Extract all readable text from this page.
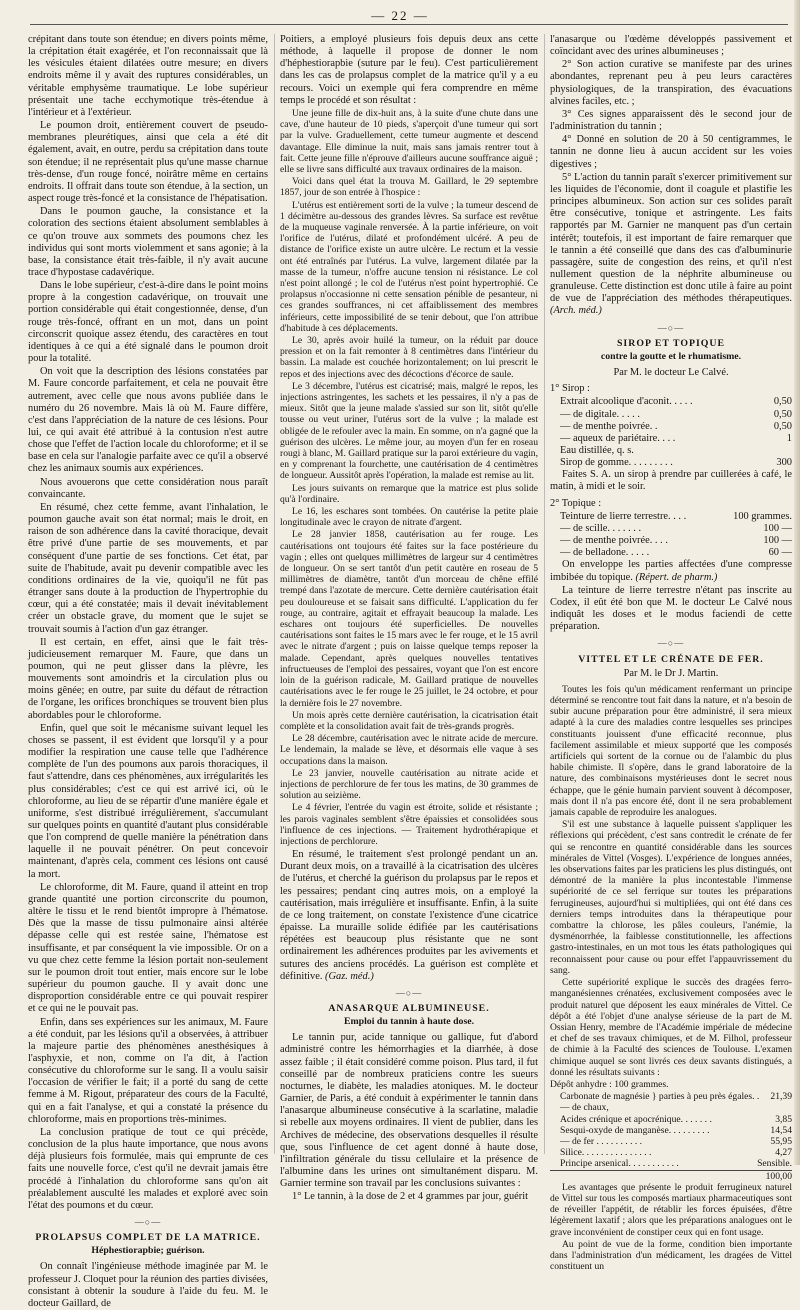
— 22 —

crépitant dans toute son étendue; en divers points même, la crépitation était exagérée, et l'on reconnaissait que là les vésicules étaient dilatées outre mesure; en divers endroits même il y avait des ruptures considérables, un véritable emphysème traumatique. Le lobe supérieur présentait une tache ecchymotique très-étendue à l'intérieur et à l'extérieur.

Le poumon droit, entièrement couvert de pseudo-membranes pleurétiques, ainsi que cela a été dit également, avait, en outre, perdu sa crépitation dans toute son étendue; il ne représentait plus qu'une masse charnue très-dense, d'un rouge foncé, noirâtre même en certains endroits. Il offrait dans toute son étendue, à la section, un aspect rouge très-foncé et la consistance de l'hépatisation.

Dans le poumon gauche, la consistance et la coloration des sections étaient absolument semblables à ce qu'on trouve aux sommets des poumons chez les individus qui sont morts violemment et sans agonie; à la base, la consistance était très-faible, il n'y avait aucune trace d'hypostase cadavérique.

Dans le lobe supérieur, c'est-à-dire dans le point moins propre à la congestion cadavérique, on trouvait une portion considérable qui était congestionnée, dense, d'un rouge très-foncé, offrant en un mot, dans un point circonscrit quoique assez étendu, des caractères en tout identiques à ce qui a été signalé dans le poumon droit pour la totalité.

On voit que la description des lésions constatées par M. Faure concorde parfaitement, et cela ne pouvait être autrement, avec celle que nous avons publiée dans le numéro du 26 novembre. Mais là où M. Faure diffère, c'est dans l'appréciation de la nature de ces lésions. Pour lui, ce qui avait été attribué à la contusion n'est autre chose que l'effet de l'action locale du chloroforme; et il se base en cela sur l'analogie parfaite avec ce qu'il a observé chez les animaux soumis aux expériences.

Nous avouerons que cette considération nous paraît convaincante.

En résumé, chez cette femme, avant l'inhalation, le poumon gauche avait son état normal; mais le droit, en raison de son adhérence dans la cavité thoracique, devait être privé d'une partie de ses mouvements, et par conséquent d'une partie de ses fonctions. Cet état, par suite de l'habitude, avait pu devenir compatible avec les conditions ordinaires de la vie, quoiqu'il ne fût pas étranger sans doute à la production de l'hypertrophie du cœur, qui a été constatée; mais il devait inévitablement créer un obstacle grave, du moment que le sujet se trouvait soumis à l'action d'un gaz étranger.

Il est certain, en effet, ainsi que le fait très-judicieusement remarquer M. Faure, que dans un poumon, qui ne peut glisser dans la plèvre, les mouvements sont amoindris et la circulation plus ou moins gênée; en outre, par suite du défaut de rétraction de l'organe, les orifices bronchiques se trouvent bien plus abordables pour le chloroforme.

Enfin, quel que soit le mécanisme suivant lequel les choses se passent, il est évident que lorsqu'il y a pour modifier la respiration une cause telle que l'adhérence complète de l'un des poumons aux parois thoraciques, il faut s'attendre, dans ces phénomènes, aux irrégularités les plus considérables; c'est ce qui est arrivé ici, où le chloroforme, au lieu de se répartir d'une manière égale et uniforme, s'est distribué irrégulièrement, s'accumulant sur quelques points en quantité d'autant plus considérable que l'on comprend de quelle manière la pénétration dans laquelle il ne pouvait pénétrer. On peut concevoir maintenant, d'après cela, comment ces lésions ont causé la mort.

Le chloroforme, dit M. Faure, quand il atteint en trop grande quantité une portion circonscrite du poumon, altère le tissu et le rend bientôt impropre à l'hématose. Dès que la masse de tissu pulmonaire ainsi altérée dépasse celle qui est restée saine, l'hématose est insuffisante, et par conséquent la vie impossible. Or on a vu que chez cette femme la lésion portait non-seulement sur le poumon droit tout entier, mais encore sur le lobe supérieur du poumon gauche. Il y avait donc une disproportion considérable entre ce qui pouvait respirer et ce qui ne le pouvait pas.

Enfin, dans ses expériences sur les animaux, M. Faure a été conduit, par les lésions qu'il a observées, à attribuer la majeure partie des phénomènes anesthésiques à l'asphyxie, et non, comme on l'a dit, à l'action consécutive du chloroforme sur le sang. Il a voulu saisir l'occasion de vérifier le fait; il a porté du sang de cette femme à M. Rigout, préparateur des cours de la Faculté, qui en a fait l'analyse, et qui a constaté la présence du chloroforme, mais en proportions très-minimes.

La conclusion pratique de tout ce qui précède, conclusion de la plus haute importance, que nous avons déjà plusieurs fois formulée, mais qui emprunte de ces faits une nouvelle force, c'est qu'il ne devrait jamais être procédé à l'inhalation du chloroforme sans qu'on ait préalablement ausculté les malades et exploré avec soin l'état des poumons et du cœur.

—○—

PROLAPSUS COMPLET DE LA MATRICE.

Héphestiorapbie; guérison.

On connaît l'ingénieuse méthode imaginée par M. le professeur J. Cloquet pour la réunion des parties divisées, consistant à obtenir la soudure à l'aide du feu. M. le docteur Gaillard, de

Poitiers, a employé plusieurs fois depuis deux ans cette méthode, à laquelle il propose de donner le nom d'héphestiorapbie (suture par le feu). C'est particulièrement dans les cas de prolapsus complet de la matrice qu'il y a eu recours. Voici un exemple qui fera comprendre en même temps le procédé et son résultat :

Une jeune fille de dix-huit ans, à la suite d'une chute dans une cave, d'une hauteur de 10 pieds, s'aperçoit d'une tumeur qui sort par la vulve. Graduellement, cette tumeur augmente et descend davantage. Elle diminue la nuit, mais sans jamais rentrer tout à fait. Cette jeune fille n'éprouve d'ailleurs aucune souffrance aiguë ; elle se livre sans difficulté aux travaux ordinaires de la maison.

Voici dans quel état la trouva M. Gaillard, le 29 septembre 1857, jour de son entrée à l'hospice :

L'utérus est entièrement sorti de la vulve ; la tumeur descend de 1 décimètre au-dessous des grandes lèvres. Sa surface est revêtue de la muqueuse vaginale renversée. À la partie inférieure, on voit l'orifice de l'utérus, dilaté et profondément ulcéré. A peu de distance de l'orifice existe un autre ulcère. Le rectum et la vessie ont été entraînés par l'utérus. La vulve, largement dilatée par la masse de la tumeur, n'offre aucune tension ni résistance. Le col n'est point allongé ; le col de l'utérus n'est point hypertrophié. Ce prolapsus n'occasionne ni cette sensation pénible de pesanteur, ni ces grandes souffrances, ni cet affaiblissement des membres inférieurs, cette impossibilité de se tenir debout, que l'on attribue d'habitude à ces déplacements.

Le 30, après avoir huilé la tumeur, on la réduit par douce pression et on la fait remonter à 8 centimètres dans l'intérieur du bassin. La malade est couchée horizontalement; on lui prescrit le repos et des injections avec des décoctions d'écorce de saule.

Le 3 décembre, l'utérus est cicatrisé; mais, malgré le repos, les injections astringentes, les sachets et les pessaires, il n'y a pas de mieux. Sitôt que la jeune malade s'assied sur son lit, sitôt qu'elle tousse ou veut uriner, l'utérus sort de la vulve ; la malade est obligée de le refouler avec la main. En somme, on n'a gagné que la guérison des ulcères. Le même jour, au moyen d'un fer en roseau rougi à blanc, M. Gaillard pratique sur la paroi extérieure du vagin, en y comprenant la fourchette, une cautérisation de 4 centimètres de longueur. Aussitôt après l'opération, la malade est remise au lit.

Les jours suivants on remarque que la matrice est plus solide qu'à l'ordinaire.

Le 16, les eschares sont tombées. On cautérise la petite plaie longitudinale avec le crayon de nitrate d'argent.

Le 28 janvier 1858, cautérisation au fer rouge. Les cautérisations ont toujours été faites sur la face postérieure du vagin ; elles ont quelques millimètres de largeur sur 4 centimètres de longueur. On se sert tantôt d'un petit cautère en roseau de 5 millimètres de diamètre, tantôt d'un morceau de chêne effilé trempé dans l'azotate de mercure. Cette dernière cautérisation était peu douloureuse et se faisait sans difficulté. L'application du fer rouge, au contraire, agitait et effrayait beaucoup la malade. Les eschares ont toujours été superficielles. De nouvelles cautérisations sont faites le 15 mars avec le fer rouge, et le 15 avril avec le nitrate d'argent ; puis on laisse quelque temps reposer la malade. Cependant, après quelques nouvelles tentatives infructueuses de l'emploi des pessaires, voyant que l'on est encore loin de la guérison radicale, M. Gaillard pratique de nouvelles cautérisations avec le fer rouge le 25 juillet, le 24 octobre, et pour la dernière fois le 27 novembre.

Un mois après cette dernière cautérisation, la cicatrisation était complète et la consolidation avait fait de très-grands progrès.

Le 28 décembre, cautérisation avec le nitrate acide de mercure. Le lendemain, la malade se lève, et désormais elle vaque à ses occupations dans la maison.

Le 23 janvier, nouvelle cautérisation au nitrate acide et injections de perchlorure de fer tous les matins, de 30 grammes de solution au seizième.

Le 4 février, l'entrée du vagin est étroite, solide et résistante ; les parois vaginales semblent s'être épaissies et consolidées sous l'influence de ces injections. — Traitement hydrothérapique et injections de perchlorure.

En résumé, le traitement s'est prolongé pendant un an. Durant deux mois, on a travaillé à la cicatrisation des ulcères de l'utérus, et cherché la guérison du prolapsus par le repos et les pessaires; pendant cinq autres mois, on a employé la cautérisation, mais irrégulière et insuffisante. Enfin, à la suite de ce long traitement, on constate l'existence d'une cicatrice épaisse. La muraille solide édifiée par les cautérisations répétées est beaucoup plus résistante que ne sont ordinairement les adhérences produites par les avivements et sutures des anciens procédés. La guérison est complète et définitive. (Gaz. méd.)

—○—

ANASARQUE ALBUMINEUSE.

Emploi du tannin à haute dose.

Le tannin pur, acide tannique ou gallique, fut d'abord administré contre les hémorrhagies et la diarrhée, à dose assez faible ; il était considéré comme poison. Plus tard, il fut conseillé par de nombreux praticiens contre les sueurs nocturnes, le diabète, les maladies atoniques. M. le docteur Garnier, de Paris, a été conduit à expérimenter le tannin dans l'anasarque albumineuse consécutive à la scarlatine, maladie si rebelle aux moyens ordinaires. Il vient de publier, dans les Archives de médecine, des observations desquelles il résulte que, sous l'influence de cet agent donné à haute dose, l'infiltration générale du tissu cellulaire et la présence de l'albumine dans les urines ont simultanément disparu. M. Garnier termine son travail par les conclusions suivantes :

1° Le tannin, à la dose de 2 et 4 grammes par jour, guérit

l'anasarque ou l'œdème développés passivement et coïncidant avec des urines albumineuses ;

2° Son action curative se manifeste par des urines abondantes, reprenant peu à peu leurs caractères physiologiques, de la transpiration, des évacuations alvines faciles, etc. ;

3° Ces signes apparaissent dès le second jour de l'administration du tannin ;

4° Donné en solution de 20 à 50 centigrammes, le tannin ne donne lieu à aucun accident sur les voies digestives ;

5° L'action du tannin paraît s'exercer primitivement sur les liquides de l'économie, dont il coagule et plastifie les principes albumineux. Son action sur ces solides paraît être consécutive, tonique et astringente. Les faits rapportés par M. Garnier ne manquent pas d'un certain intérêt; toutefois, il est important de faire remarquer que le tannin a été conseillé que dans des cas d'albuminurie passagère, suite de congestion des reins, et qu'il n'est nullement question de la néphrite albumineuse ou granuleuse. Cette distinction est donc utile à faire au point de vue de l'appréciation des méthodes thérapeutiques. (Arch. méd.)

—○—

SIROP ET TOPIQUE

contre la goutte et le rhumatisme.

Par M. le docteur Le Calvé.

1° Sirop :

Extrait alcoolique d'aconit. . . . .	0,50
— de digitale. . . . .	0,50
— de menthe poivrée. .	0,50
— aqueux de pariétaire. . . .	1
Eau distillée, q. s.
Sirop de gomme. . . . . . . . .	300

Faites S. A. un sirop à prendre par cuillerées à café, le matin, à midi et le soir.

2° Topique :

Teinture de lierre terrestre. . . .	100 grammes.
— de scille. . . . . . .	100 —
— de menthe poivrée. . . .	100 —
— de belladone. . . . .	60 —

On enveloppe les parties affectées d'une compresse imbibée du topique. (Répert. de pharm.)

La teinture de lierre terrestre n'étant pas inscrite au Codex, il eût été bon que M. le docteur Le Calvé nous indiquât les doses et le modus faciendi de cette préparation.

—○—

VITTEL ET LE CRÉNATE DE FER.

Par M. le Dr J. Martin.

Toutes les fois qu'un médicament renfermant un principe déterminé se rencontre tout fait dans la nature, et n'a besoin de subir aucune préparation pour être administré, il sera mieux adapté à la cure des maladies contre lesquelles ses principes constituants jouissent d'une efficacité reconnue, plus facilement assimilable et mieux supporté que les composés artificiels qui sortent de la cornue ou de l'alambic du plus habile chimiste. Il s'opère, dans le grand laboratoire de la nature, des combinaisons mystérieuses dont le secret nous échappe, que le génie humain parvient souvent à décomposer, mais dont il n'a pas encore été, dont il ne sera probablement jamais capable de reproduire les analogues.

S'il est une substance à laquelle puissent s'appliquer les réflexions qui précèdent, c'est sans contredit le crénate de fer qui se rencontre en quantité considérable dans les sources minérales de Vittel (Vosges). L'expérience de longues années, les observations faites par les praticiens les plus distingués, ont démontré de la manière la plus incontestable l'immense supériorité de ce sel ferrique sur toutes les préparations ferrugineuses, aujourd'hui si multipliées, qui ont été dans ces derniers temps introduites dans la thérapeutique pour combattre la chlorose, les pâles couleurs, l'anémie, la dysménorrhée, la faiblesse constitutionnelle, les affections gastro-intestinales, en un mot tous les états pathologiques qui reconnaissent pour cause ou pour effet l'appauvrissement du sang.

Cette supériorité explique le succès des dragées ferro-manganésiennes crénatées, exclusivement composées avec le produit naturel que déposent les eaux minérales de Vittel. Ce dépôt a été l'objet d'une analyse sérieuse de la part de M. Ossian Henry, membre de l'Académie impériale de médecine et chef de ses travaux chimiques, et de M. Filhol, professeur de chimie à la Faculté des sciences de Toulouse. L'examen chimique auquel se sont livrés ces deux savants distingués, a donné les résultats suivants :

Dépôt anhydre : 100 grammes.

Carbonate de magnésie } parties à peu près égales. . 21,39
— de chaux,
Acides crénique et apocrénique. . . . . . .	3,85
Sesqui-oxyde de manganèse. . . . . . . . .	14,54
— de fer . . . . . . . . . .	55,95
Silice. . . . . . . . . . . . . . .	4,27
Principe arsenical. . . . . . . . . . .	Sensible.
100,00

Les avantages que présente le produit ferrugineux naturel de Vittel sur tous les composés martiaux pharmaceutiques sont de réveiller l'appétit, de rétablir les forces épuisées, d'être légèrement laxatif ; alors que les préparations analogues ont le grave inconvénient de constiper ceux qui en font usage.

Au point de vue de la forme, condition bien importante dans l'administration d'un médicament, les dragées de Vittel constituent un
